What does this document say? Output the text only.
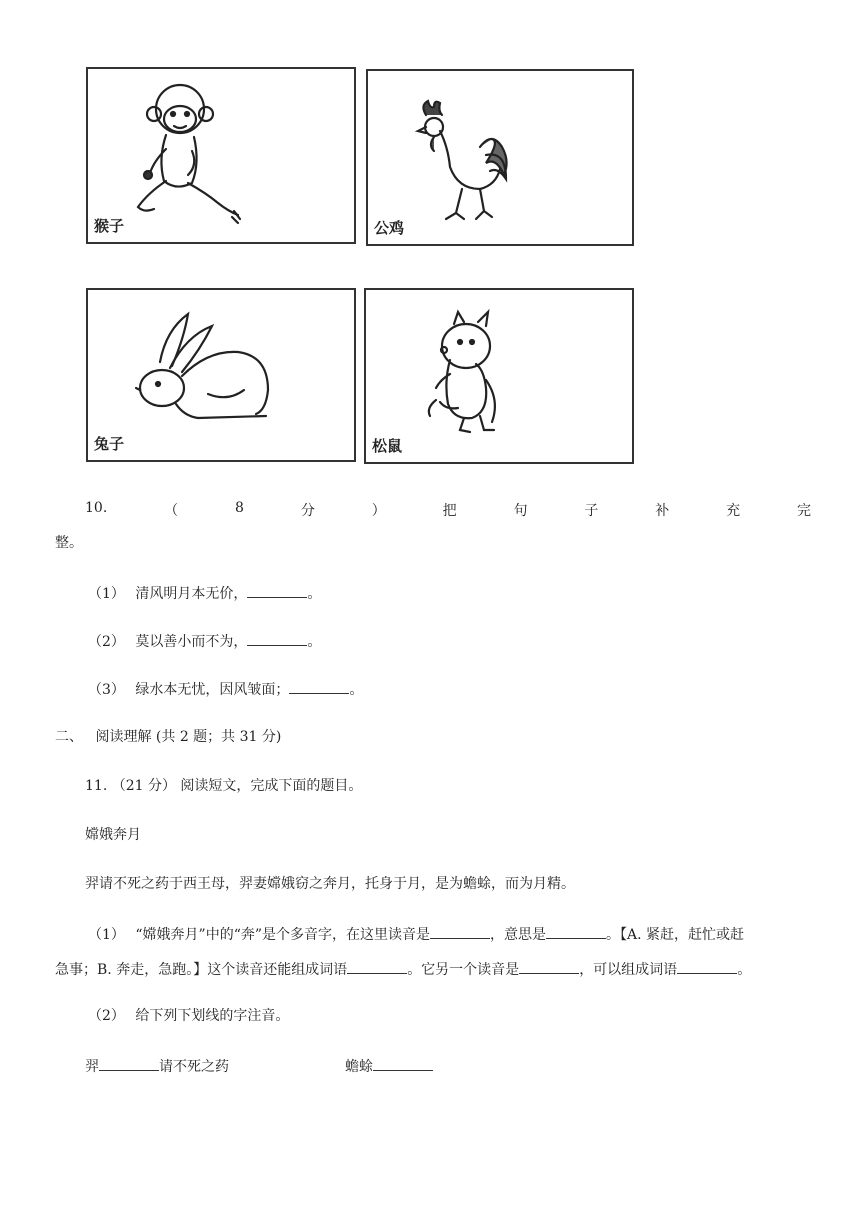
猴子	公鸡
兔子	松鼠
10.	（	8	分	）	把	句	子	补	充	完
整。
（1） 清风明月本无价，	。
（2） 莫以善小而不为，	。
（3） 绿水本无忧，因风皱面；	。
二、 阅读理解 (共 2 题；共 31 分)
11. （21 分） 阅读短文，完成下面的题目。
嫦娥奔月
羿请不死之药于西王母，羿妻嫦娥窃之奔月，托身于月，是为蟾蜍，而为月精。
（1） “嫦娥奔月”中的“奔”是个多音字，在这里读音是	，意思是	。【A. 紧赶，赶忙或赶
急事；B. 奔走，急跑。】这个读音还能组成词语	。它另一个读音是	，可以组成词语	。
（2） 给下列下划线的字注音。
羿	请不死之药	蟾蜍
